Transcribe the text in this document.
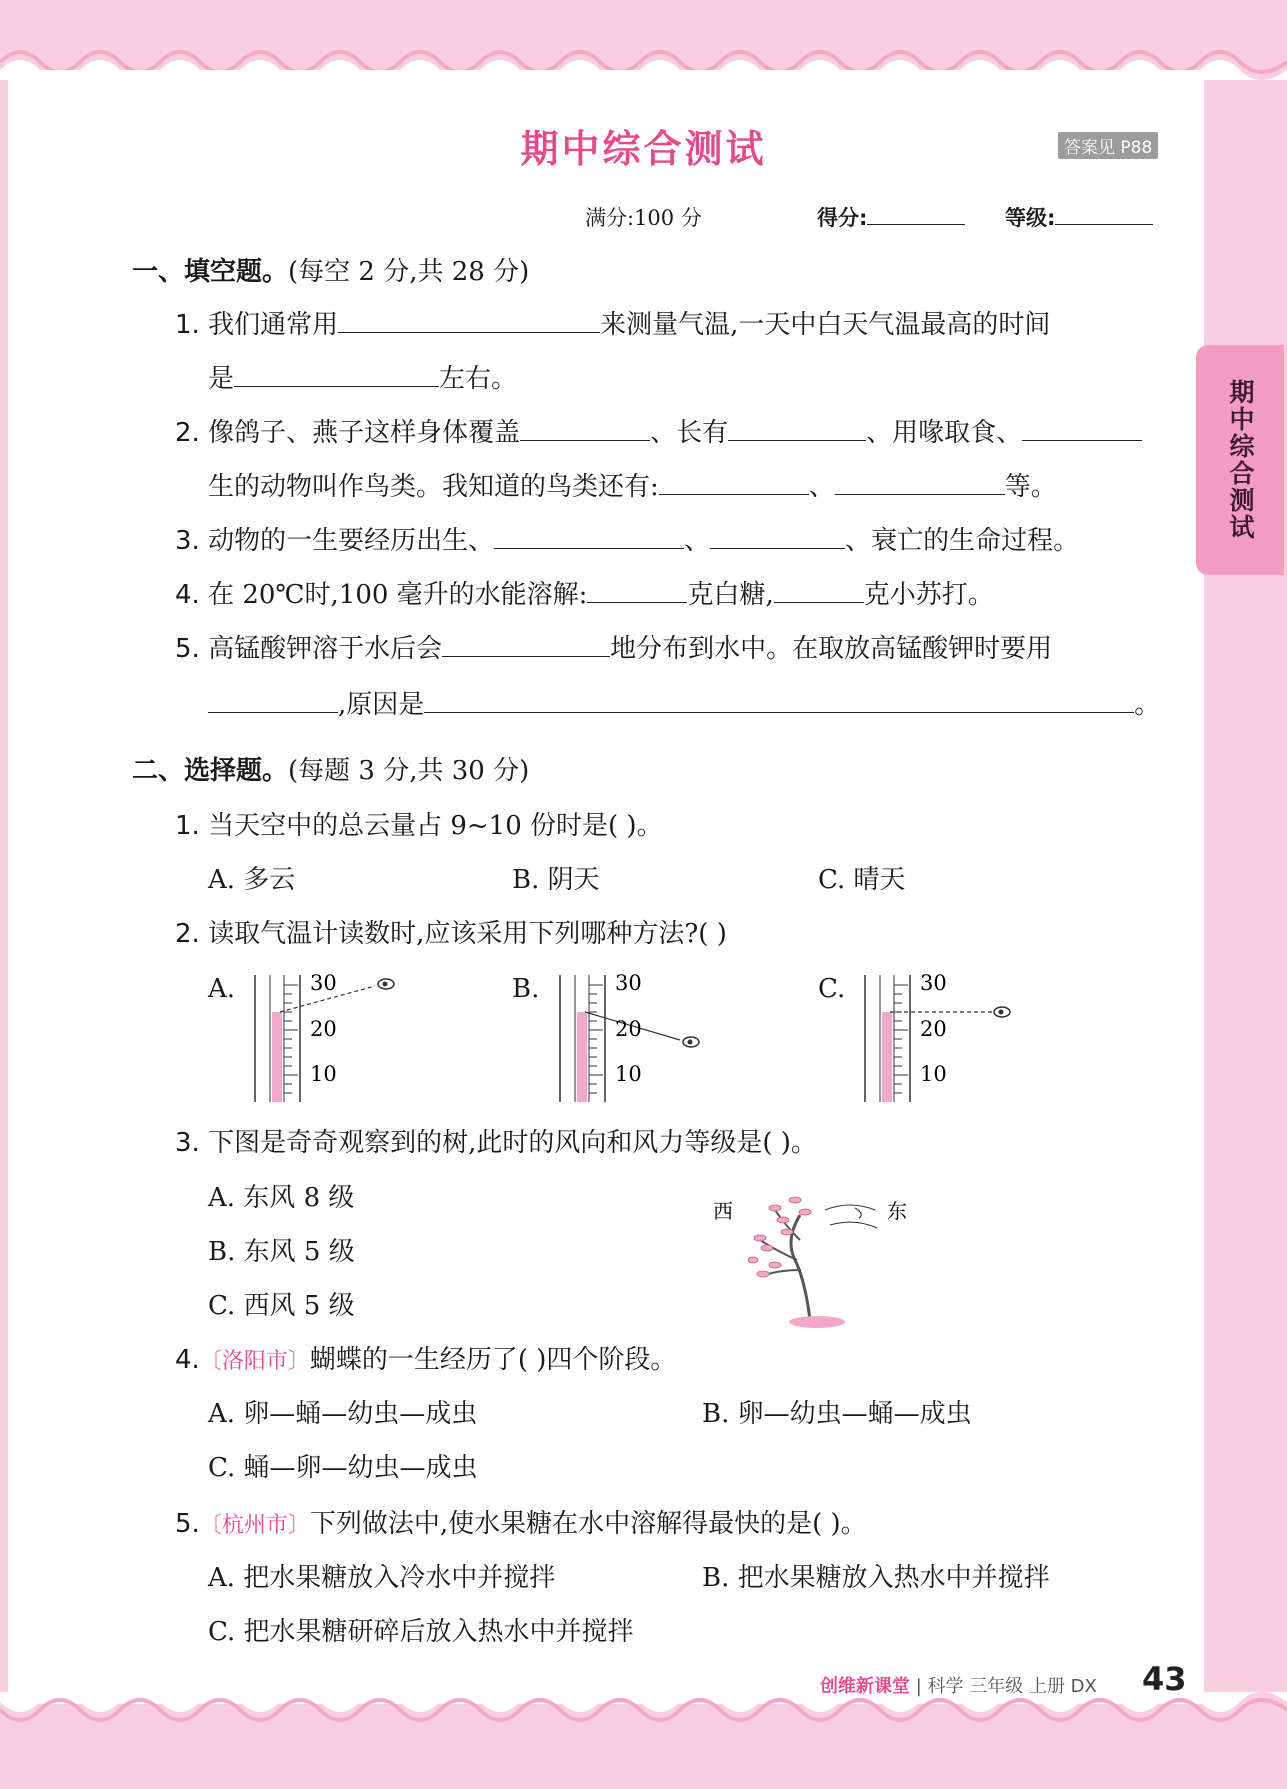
期中综合测试
期中综合测试	答案见 P88
满分:100 分	得分:	等级:
一、填空题。(每空 2 分,共 28 分)
1. 我们通常用	来测量气温,一天中白天气温最高的时间
是	左右。
2. 像鸽子、燕子这样身体覆盖	、长有	、用喙取食、
生的动物叫作鸟类。我知道的鸟类还有:	、	等。
3. 动物的一生要经历出生、	、	、衰亡的生命过程。
4. 在 20℃时,100 毫升的水能溶解:	克白糖,	克小苏打。
5. 高锰酸钾溶于水后会	地分布到水中。在取放高锰酸钾时要用
,原因是	。
二、选择题。(每题 3 分,共 30 分)
1. 当天空中的总云量占 9~10 份时是( )。
A. 多云	B. 阴天	C. 晴天
2. 读取气温计读数时,应该采用下列哪种方法?( )
A.	B.	C.
30
20
10
30
20
10
30
20
10
3. 下图是奇奇观察到的树,此时的风向和风力等级是( )。
A. 东风 8 级
B. 东风 5 级
C. 西风 5 级
西	东
4.〔洛阳市〕蝴蝶的一生经历了( )四个阶段。
A. 卵—蛹—幼虫—成虫	B. 卵—幼虫—蛹—成虫
C. 蛹—卵—幼虫—成虫
5.〔杭州市〕下列做法中,使水果糖在水中溶解得最快的是( )。
A. 把水果糖放入冷水中并搅拌	B. 把水果糖放入热水中并搅拌
C. 把水果糖研碎后放入热水中并搅拌
创维新课堂 | 科学 三年级 上册 DX 43
